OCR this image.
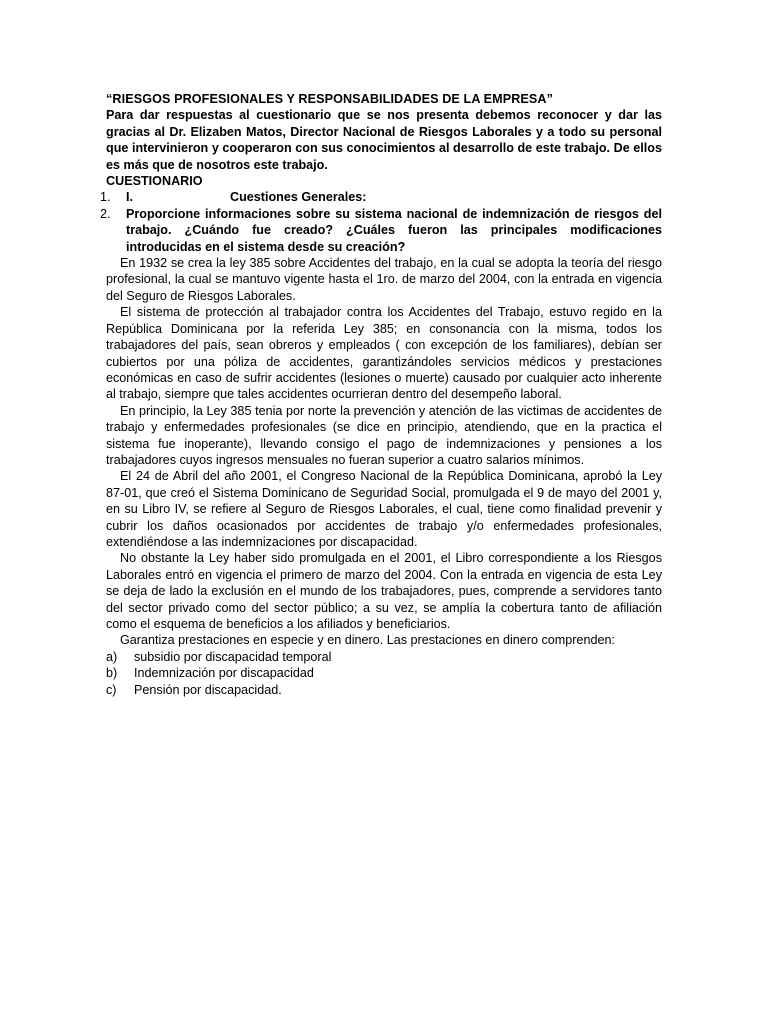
“RIESGOS PROFESIONALES Y RESPONSABILIDADES DE LA EMPRESA”
Para dar respuestas al cuestionario que se nos presenta debemos reconocer y dar las gracias al Dr. Elizaben Matos, Director Nacional de Riesgos Laborales y a todo su personal que intervinieron y cooperaron con sus conocimientos al desarrollo de este trabajo. De ellos es más que de nosotros este trabajo.
CUESTIONARIO
1. I.	Cuestiones Generales:
2. Proporcione informaciones sobre su sistema nacional de indemnización de riesgos del trabajo. ¿Cuándo fue creado? ¿Cuáles fueron las principales modificaciones introducidas en el sistema desde su creación?
En 1932 se crea la ley 385 sobre Accidentes del trabajo, en la cual se adopta la teoría del riesgo profesional, la cual se mantuvo vigente hasta el 1ro. de marzo del 2004, con la entrada en vigencia del Seguro de Riesgos Laborales.
El sistema de protección al trabajador contra los Accidentes del Trabajo, estuvo regido en la República Dominicana por la referida Ley 385; en consonancia con la misma, todos los trabajadores del país, sean obreros y empleados ( con excepción de los familiares), debían ser cubiertos por una póliza de accidentes, garantizándoles servicios médicos y prestaciones económicas en caso de sufrir accidentes (lesiones o muerte) causado por cualquier acto inherente al trabajo, siempre que tales accidentes ocurrieran dentro del desempeño laboral.
En principio, la Ley 385 tenia por norte la prevención y atención de las victimas de accidentes de trabajo y enfermedades profesionales (se dice en principio, atendiendo, que en la practica el sistema fue inoperante), llevando consigo el pago de indemnizaciones y pensiones a los trabajadores cuyos ingresos mensuales no fueran superior a cuatro salarios mínimos.
El 24 de Abril del año 2001, el Congreso Nacional de la República Dominicana, aprobó la Ley 87-01, que creó el Sistema Dominicano de Seguridad Social, promulgada el 9 de mayo del 2001 y, en su Libro IV, se refiere al Seguro de Riesgos Laborales, el cual, tiene como finalidad prevenir y cubrir los daños ocasionados por accidentes de trabajo y/o enfermedades profesionales, extendiéndose a las indemnizaciones por discapacidad.
No obstante la Ley haber sido promulgada en el 2001, el Libro correspondiente a los Riesgos Laborales entró en vigencia el primero de marzo del 2004. Con la entrada en vigencia de esta Ley se deja de lado la exclusión en el mundo de los trabajadores, pues, comprende a servidores tanto del sector privado como del sector público; a su vez, se amplía la cobertura tanto de afiliación como el esquema de beneficios a los afiliados y beneficiarios.
Garantiza prestaciones en especie y en dinero. Las prestaciones en dinero comprenden:
a) subsidio por discapacidad temporal
b) Indemnización por discapacidad
c) Pensión por discapacidad.
